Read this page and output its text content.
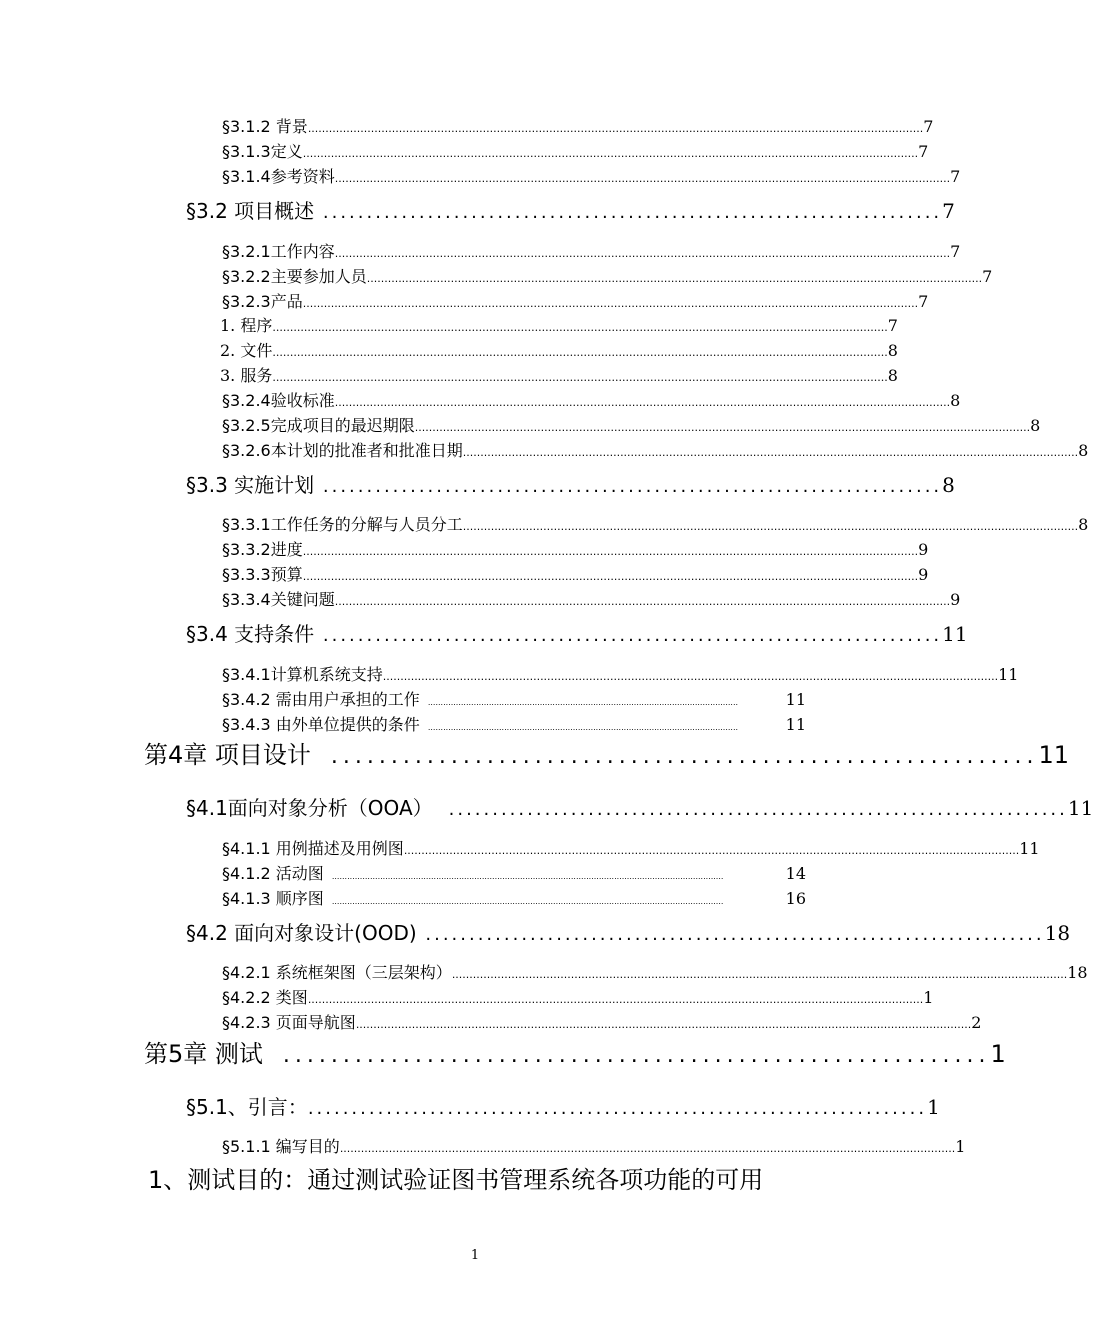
§3.1.2 背景 ................................................................................................................................................................................ 7
§3.1.3定义 ................................................................................................................................................................................ 7
§3.1.4参考资料 ................................................................................................................................................................................ 7
§3.2 项目概述 ....................................................................... 7
§3.2.1工作内容 ................................................................................................................................................................................ 7
§3.2.2主要参加人员 ................................................................................................................................................................................ 7
§3.2.3产品 ................................................................................................................................................................................ 7
1. 程序 ................................................................................................................................................................................ 7
2. 文件 ................................................................................................................................................................................ 8
3. 服务 ................................................................................................................................................................................ 8
§3.2.4验收标准 ................................................................................................................................................................................ 8
§3.2.5完成项目的最迟期限 ................................................................................................................................................................................ 8
§3.2.6本计划的批准者和批准日期 ................................................................................................................................................................................ 8
§3.3 实施计划 ....................................................................... 8
§3.3.1工作任务的分解与人员分工 ................................................................................................................................................................................ 8
§3.3.2进度 ................................................................................................................................................................................ 9
§3.3.3预算 ................................................................................................................................................................................ 9
§3.3.4关键问题 ................................................................................................................................................................................ 9
§3.4 支持条件 ....................................................................... 11
§3.4.1计算机系统支持 ................................................................................................................................................................................ 11
§3.4.2 需由用户承担的工作	..........................................................................................................................	11
§3.4.3 由外单位提供的条件	..........................................................................................................................	11
第4章 项目设计 ........................................................... 11
§4.1面向对象分析（OOA） ....................................................................... 11
§4.1.1 用例描述及用例图 ................................................................................................................................................................................ 11
§4.1.2 活动图	..........................................................................................................................................................	14
§4.1.3 顺序图	..........................................................................................................................................................	16
§4.2 面向对象设计(OOD) ....................................................................... 18
§4.2.1 系统框架图（三层架构） ................................................................................................................................................................................ 18
§4.2.2 类图 ................................................................................................................................................................................ 1
§4.2.3 页面导航图 ................................................................................................................................................................................ 2
第5章 测试 ........................................................... 1
§5.1、引言： ....................................................................... 1
§5.1.1 编写目的 ................................................................................................................................................................................ 1
1、测试目的：通过测试验证图书管理系统各项功能的可用
1
